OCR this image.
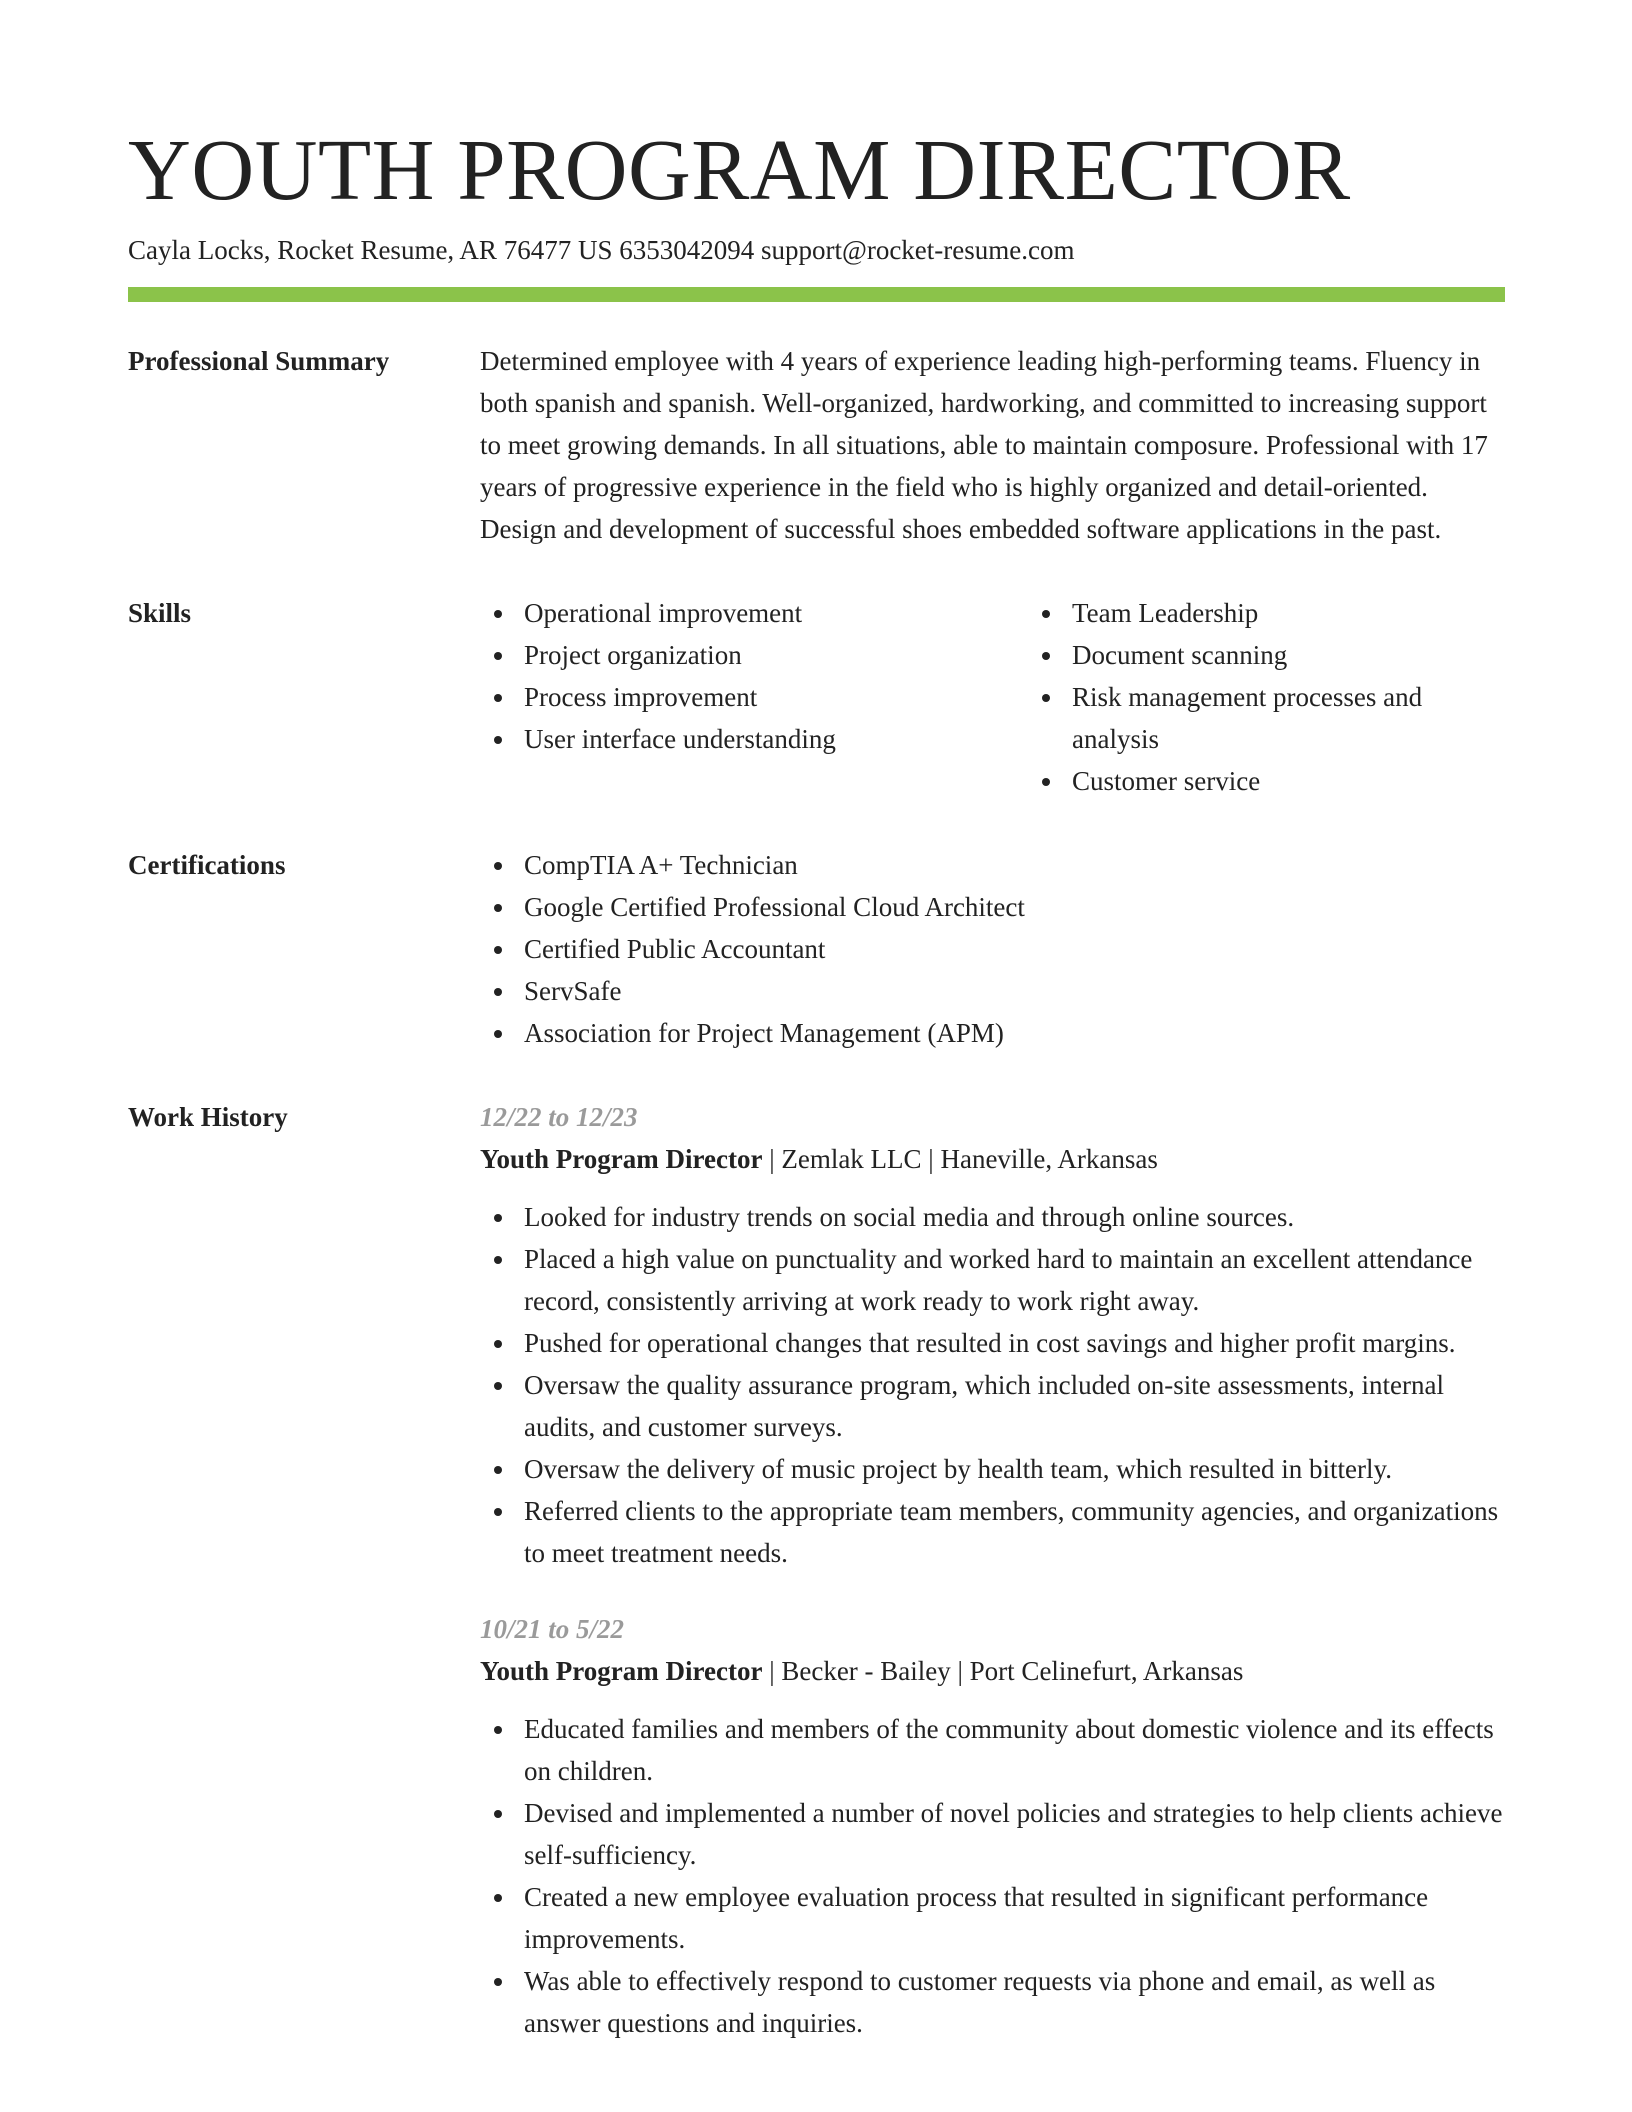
YOUTH PROGRAM DIRECTOR
Cayla Locks, Rocket Resume, AR 76477 US 6353042094 support@rocket-resume.com
Professional Summary	Determined employee with 4 years of experience leading high-performing teams. Fluency in both spanish and spanish. Well-organized, hardworking, and committed to increasing support to meet growing demands. In all situations, able to maintain composure. Professional with 17 years of progressive experience in the field who is highly organized and detail-oriented. Design and development of successful shoes embedded software applications in the past.

Skills	Operational improvement
Project organization
Process improvement
User interface understanding
Team Leadership
Document scanning
Risk management processes and analysis
Customer service
Certifications	CompTIA A+ Technician
Google Certified Professional Cloud Architect
Certified Public Accountant
ServSafe
Association for Project Management (APM)
Work History	12/22 to 12/23
Youth Program Director | Zemlak LLC | Haneville, Arkansas
Looked for industry trends on social media and through online sources.
Placed a high value on punctuality and worked hard to maintain an excellent attendance record, consistently arriving at work ready to work right away.
Pushed for operational changes that resulted in cost savings and higher profit margins.
Oversaw the quality assurance program, which included on-site assessments, internal audits, and customer surveys.
Oversaw the delivery of music project by health team, which resulted in bitterly.
Referred clients to the appropriate team members, community agencies, and organizations to meet treatment needs.
10/21 to 5/22
Youth Program Director | Becker - Bailey | Port Celinefurt, Arkansas
Educated families and members of the community about domestic violence and its effects on children.
Devised and implemented a number of novel policies and strategies to help clients achieve self-sufficiency.
Created a new employee evaluation process that resulted in significant performance improvements.
Was able to effectively respond to customer requests via phone and email, as well as answer questions and inquiries.
